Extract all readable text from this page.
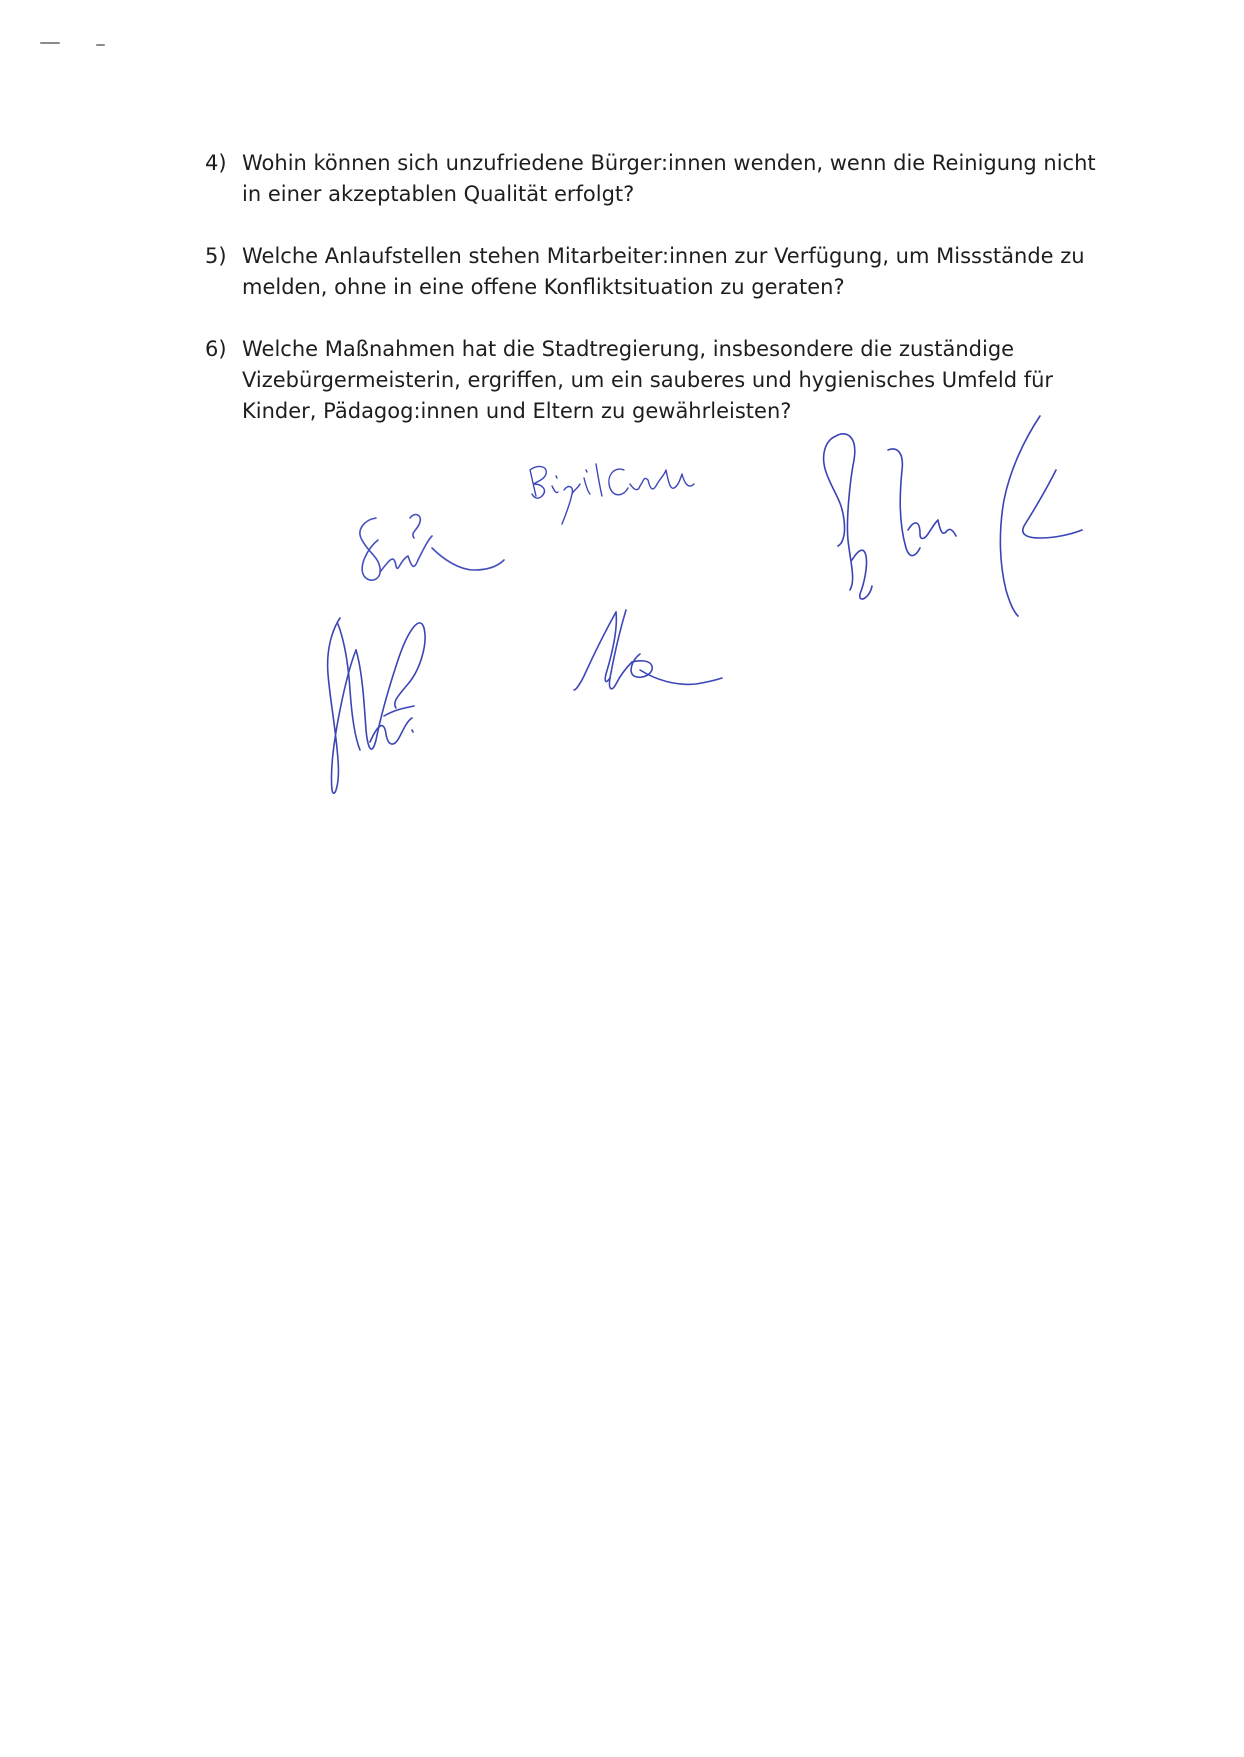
4) Wohin können sich unzufriedene Bürger:innen wenden, wenn die Reinigung nicht in einer akzeptablen Qualität erfolgt?
5) Welche Anlaufstellen stehen Mitarbeiter:innen zur Verfügung, um Missstände zu melden, ohne in eine offene Konfliktsituation zu geraten?
6) Welche Maßnahmen hat die Stadtregierung, insbesondere die zuständige Vizebürgermeisterin, ergriffen, um ein sauberes und hygienisches Umfeld für Kinder, Pädagog:innen und Eltern zu gewährleisten?
